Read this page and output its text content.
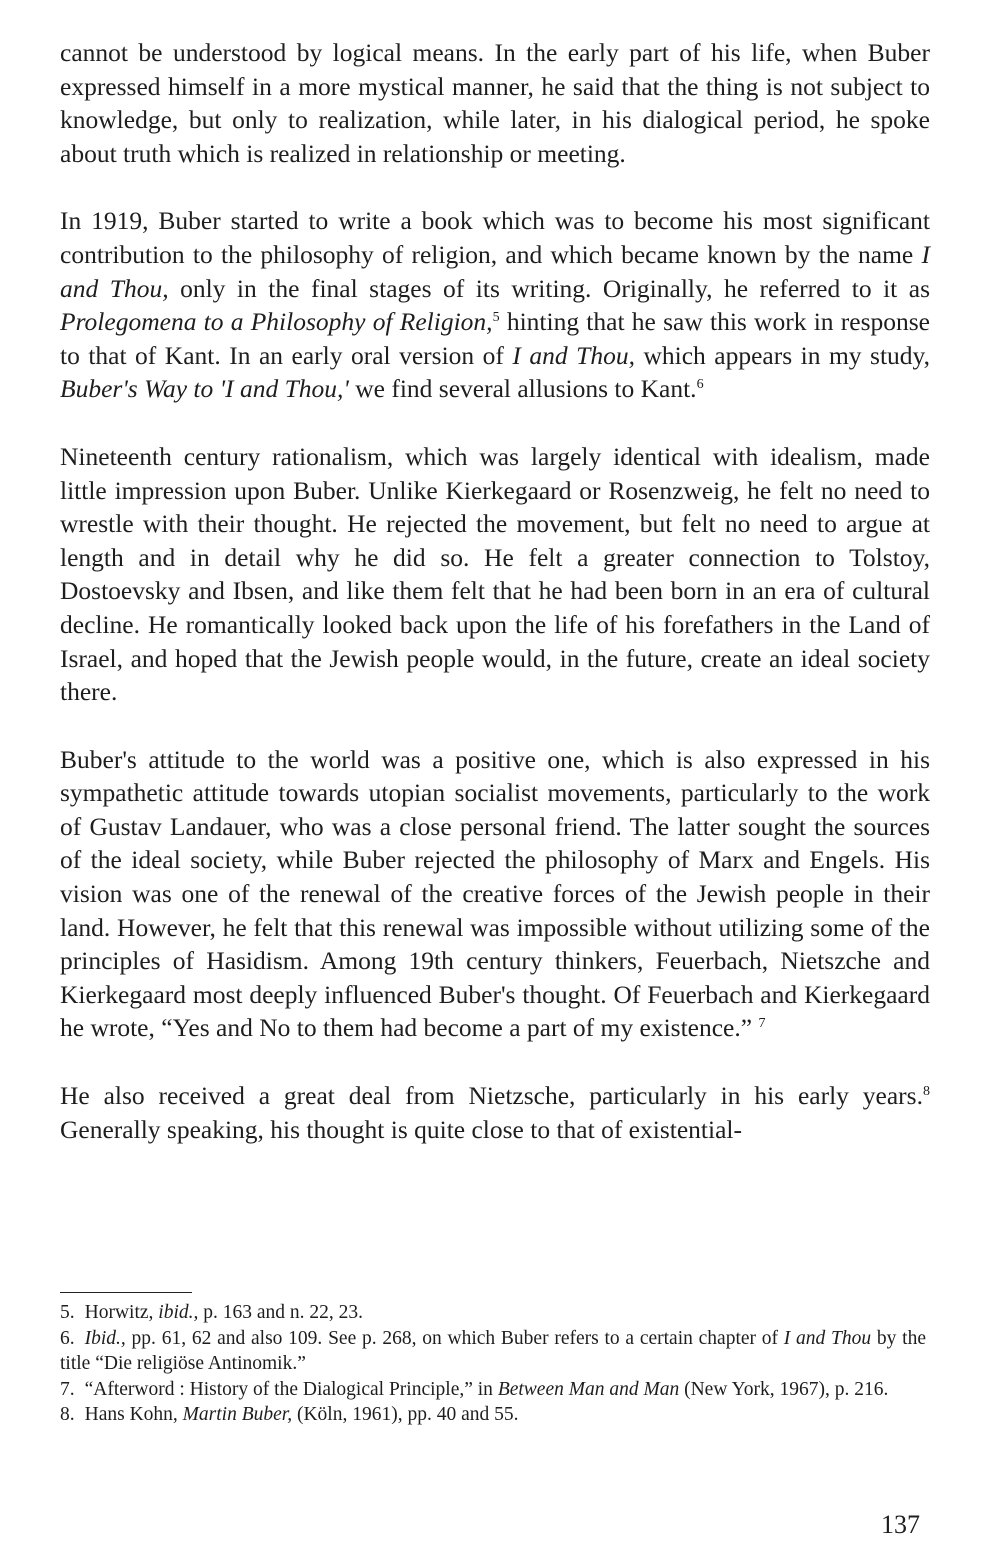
cannot be understood by logical means. In the early part of his life, when Buber expressed himself in a more mystical manner, he said that the thing is not subject to knowledge, but only to realization, while later, in his dialogical period, he spoke about truth which is realized in relationship or meeting.

In 1919, Buber started to write a book which was to become his most significant contribution to the philosophy of religion, and which became known by the name I and Thou, only in the final stages of its writing. Originally, he referred to it as Prolegomena to a Philosophy of Religion,$^5$ hinting that he saw this work in response to that of Kant. In an early oral version of I and Thou, which appears in my study, Buber's Way to 'I and Thou,' we find several allusions to Kant.$^6$

Nineteenth century rationalism, which was largely identical with idealism, made little impression upon Buber. Unlike Kierkegaard or Rosenzweig, he felt no need to wrestle with their thought. He rejected the movement, but felt no need to argue at length and in detail why he did so. He felt a greater connection to Tolstoy, Dostoevsky and Ibsen, and like them felt that he had been born in an era of cultural decline. He romantically looked back upon the life of his forefathers in the Land of Israel, and hoped that the Jewish people would, in the future, create an ideal society there.

Buber's attitude to the world was a positive one, which is also expressed in his sympathetic attitude towards utopian socialist movements, particularly to the work of Gustav Landauer, who was a close personal friend. The latter sought the sources of the ideal society, while Buber rejected the philosophy of Marx and Engels. His vision was one of the renewal of the creative forces of the Jewish people in their land. However, he felt that this renewal was impossible without utilizing some of the principles of Hasidism. Among 19th century thinkers, Feuerbach, Nietszche and Kierkegaard most deeply influenced Buber's thought. Of Feuerbach and Kierkegaard he wrote, “Yes and No to them had become a part of my existence.” $^7$

He also received a great deal from Nietzsche, particularly in his early years.$^8$ Generally speaking, his thought is quite close to that of existential-

5. Horwitz, ibid., p. 163 and n. 22, 23.

6. Ibid., pp. 61, 62 and also 109. See p. 268, on which Buber refers to a certain chapter of I and Thou by the title “Die religiöse Antinomik.”

7. “Afterword : History of the Dialogical Principle,” in Between Man and Man (New York, 1967), p. 216.

8. Hans Kohn, Martin Buber, (Köln, 1961), pp. 40 and 55.

137
